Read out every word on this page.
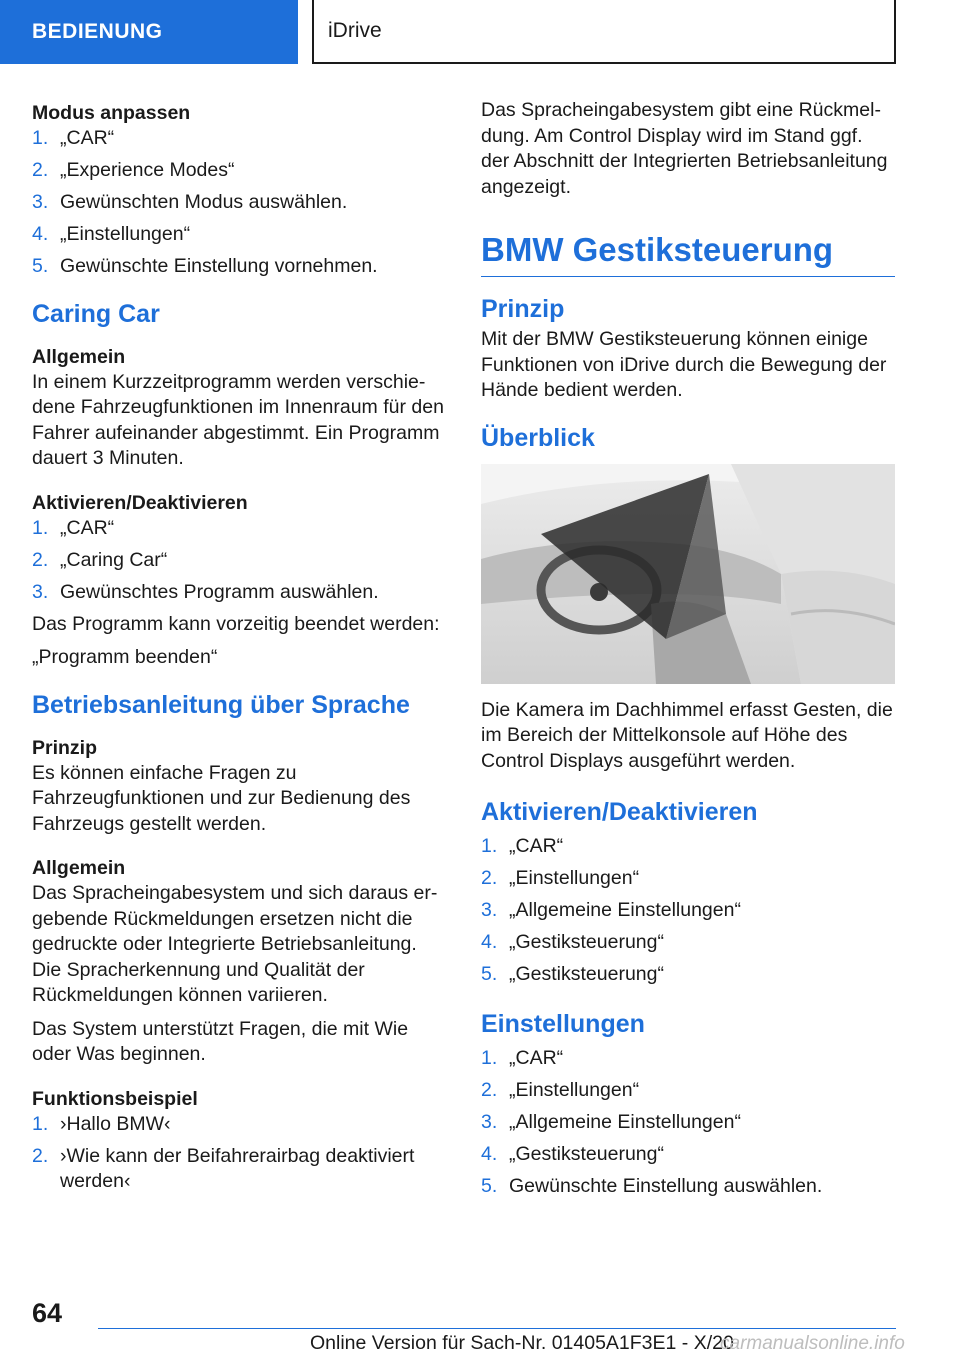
BEDIENUNG	iDrive
Modus anpassen
1. „CAR“
2. „Experience Modes“
3. Gewünschten Modus auswählen.
4. „Einstellungen“
5. Gewünschte Einstellung vornehmen.
Caring Car
Allgemein

In einem Kurzzeitprogramm werden verschiedene Fahrzeugfunktionen im Innenraum für den Fahrer aufeinander abgestimmt. Ein Programm dauert 3 Minuten.

Aktivieren/Deaktivieren
1. „CAR“
2. „Caring Car“
3. Gewünschtes Programm auswählen.

Das Programm kann vorzeitig beendet werden:

„Programm beenden“

Betriebsanleitung über Sprache
Prinzip

Es können einfache Fragen zu Fahrzeugfunktionen und zur Bedienung des Fahrzeugs gestellt werden.

Allgemein

Das Spracheingabesystem und sich daraus ergebende Rückmeldungen ersetzen nicht die gedruckte oder Integrierte Betriebsanleitung. Die Spracherkennung und Qualität der Rückmeldungen können variieren.

Das System unterstützt Fragen, die mit Wie oder Was beginnen.

Funktionsbeispiel
1. ›Hallo BMW‹
2. ›Wie kann der Beifahrerairbag deaktiviert werden‹

Das Spracheingabesystem gibt eine Rückmeldung. Am Control Display wird im Stand ggf. der Abschnitt der Integrierten Betriebsanleitung angezeigt.

BMW Gestiksteuerung
Prinzip

Mit der BMW Gestiksteuerung können einige Funktionen von iDrive durch die Bewegung der Hände bedient werden.

Überblick

Die Kamera im Dachhimmel erfasst Gesten, die im Bereich der Mittelkonsole auf Höhe des Control Displays ausgeführt werden.

Aktivieren/Deaktivieren
1. „CAR“
2. „Einstellungen“
3. „Allgemeine Einstellungen“
4. „Gestiksteuerung“
5. „Gestiksteuerung“
Einstellungen
1. „CAR“
2. „Einstellungen“
3. „Allgemeine Einstellungen“
4. „Gestiksteuerung“
5. Gewünschte Einstellung auswählen.
64
Online Version für Sach-Nr. 01405A1F3E1 - X/20
carmanualsonline.info
